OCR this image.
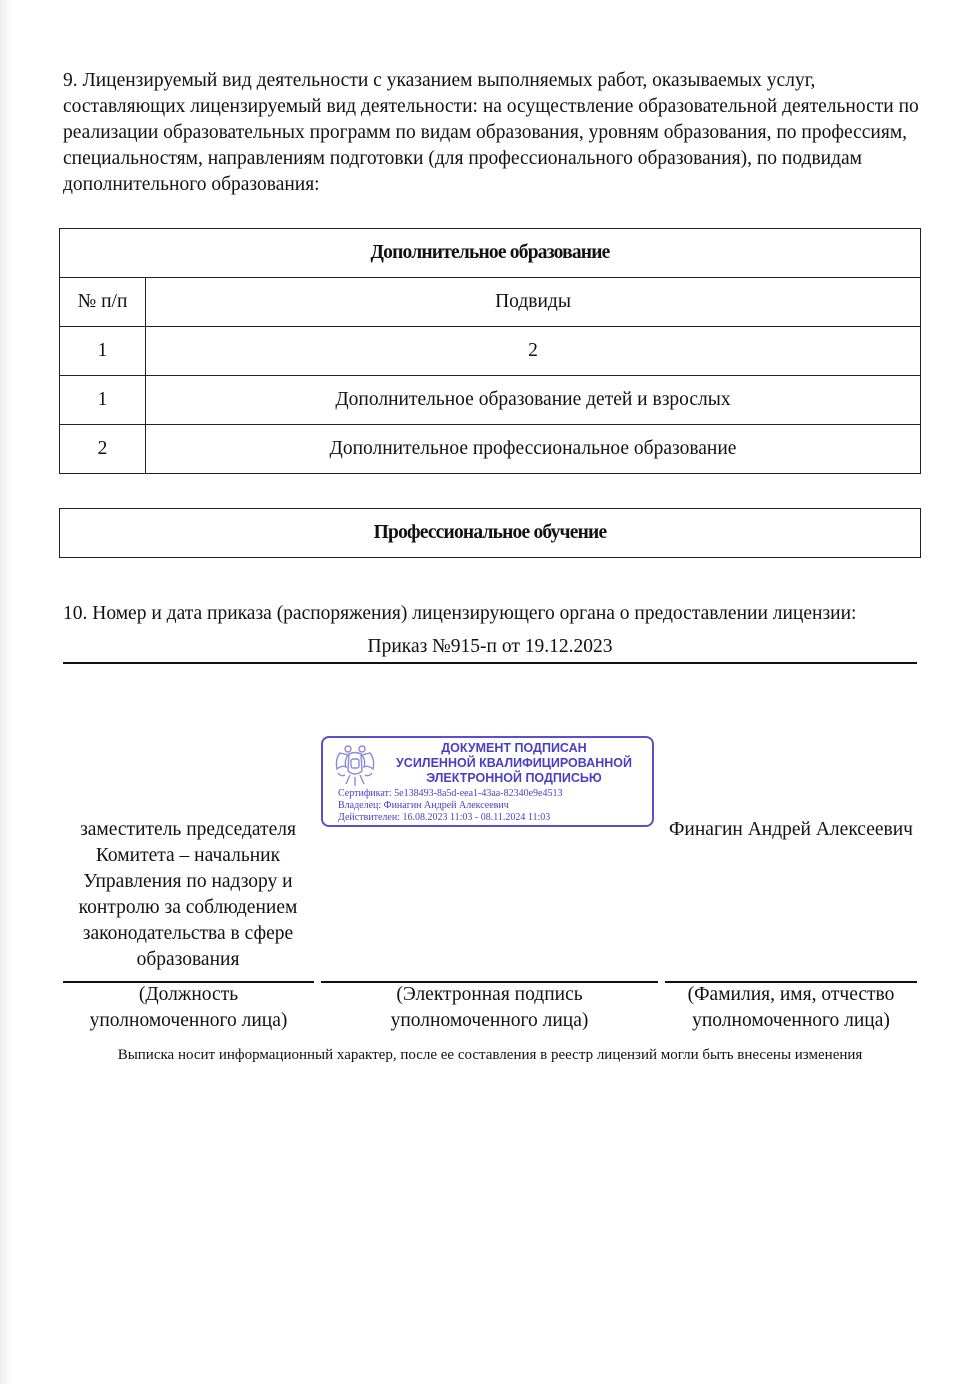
9. Лицензируемый вид деятельности с указанием выполняемых работ, оказываемых услуг, составляющих лицензируемый вид деятельности: на осуществление образовательной деятельности по реализации образовательных программ по видам образования, уровням образования, по профессиям, специальностям, направлениям подготовки (для профессионального образования), по подвидам дополнительного образования:
Дополнительное образование	
№ п/п	Подвиды
1	2
1	Дополнительное образование детей и взрослых
2	Дополнительное профессиональное образование
Профессиональное обучение
10. Номер и дата приказа (распоряжения) лицензирующего органа о предоставлении лицензии:
Приказ №915-п от 19.12.2023
ДОКУМЕНТ ПОДПИСАН
УСИЛЕННОЙ КВАЛИФИЦИРОВАННОЙ
ЭЛЕКТРОННОЙ ПОДПИСЬЮ
Сертификат: 5e138493-8a5d-eea1-43aa-82340e9e4513
Владелец: Финагин Андрей Алексеевич
Действителен: 16.08.2023 11:03 - 08.11.2024 11:03
заместитель председателя Комитета – начальник Управления по надзору и контролю за соблюдением законодательства в сфере образования
Финагин Андрей Алексеевич
(Должность уполномоченного лица)
(Электронная подпись уполномоченного лица)
(Фамилия, имя, отчество уполномоченного лица)
Выписка носит информационный характер, после ее составления в реестр лицензий могли быть внесены изменения
